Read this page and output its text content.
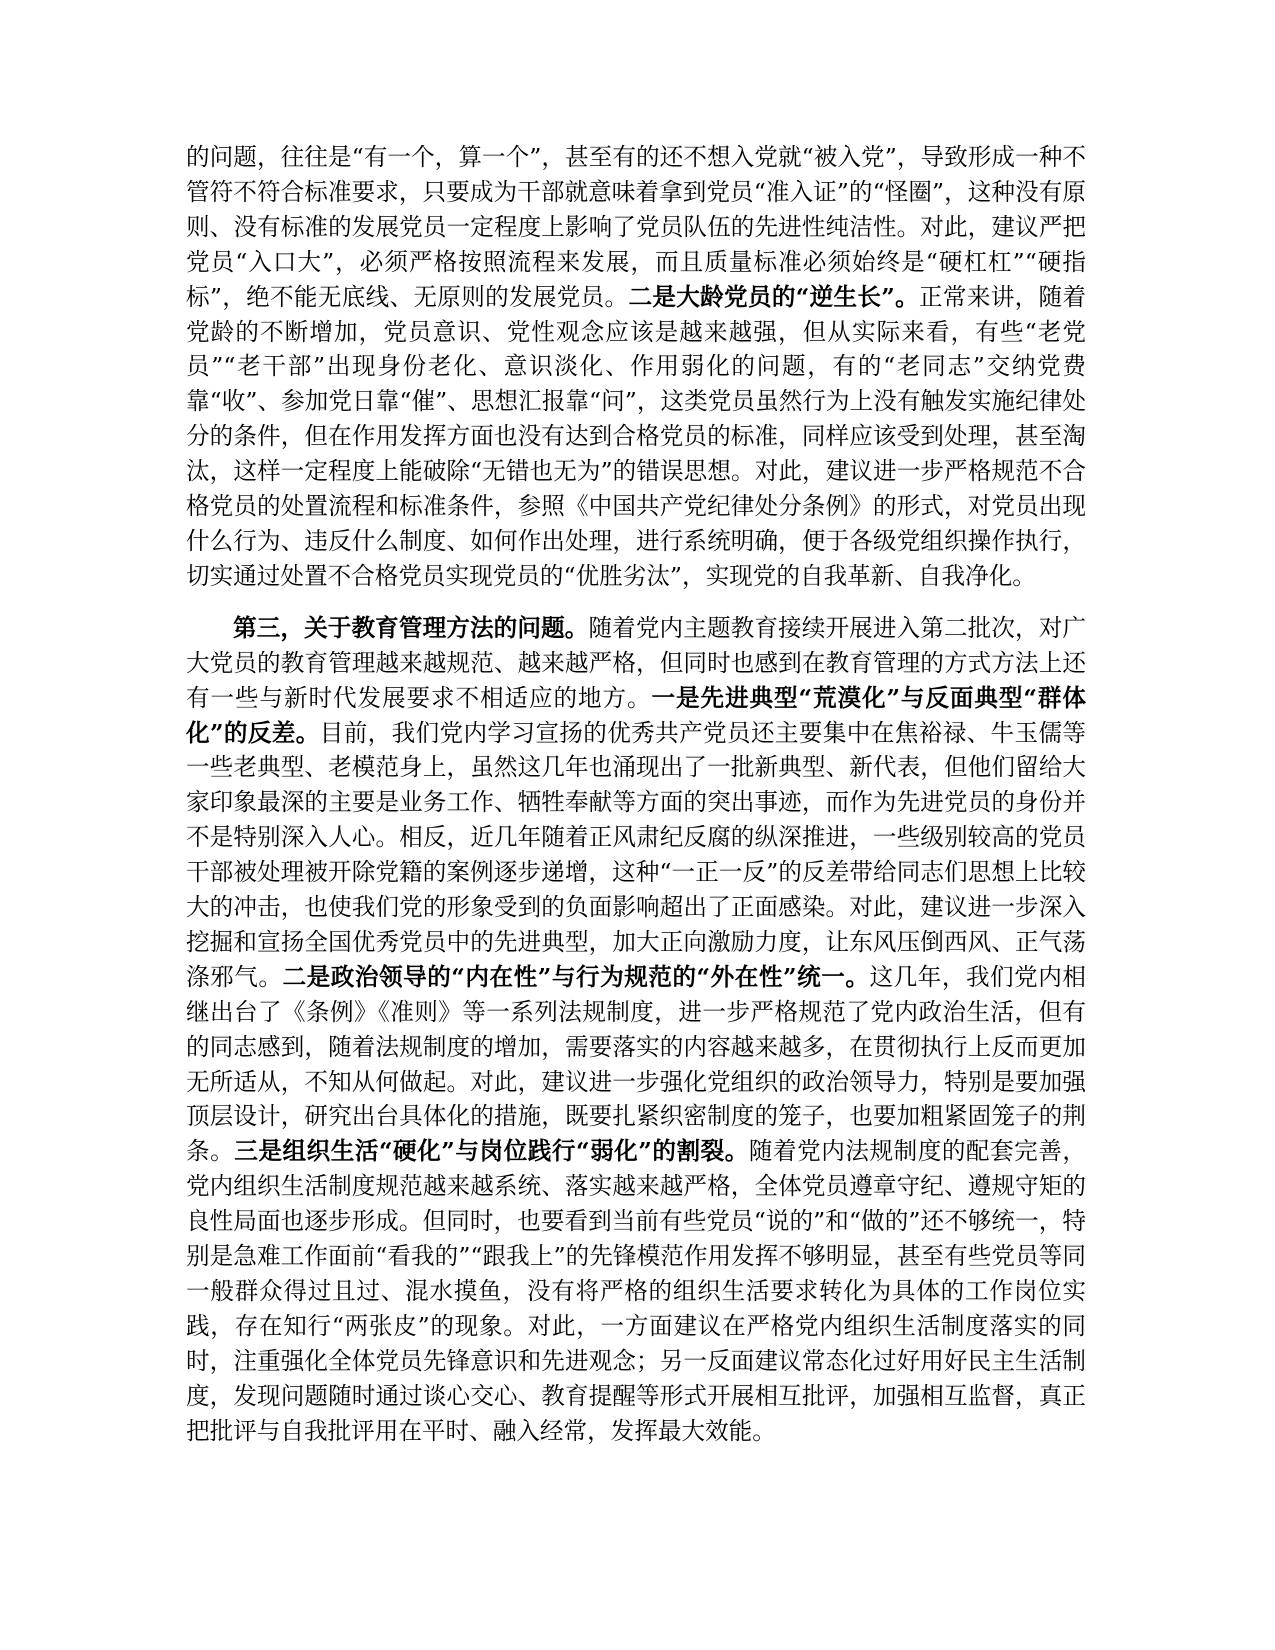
的问题，往往是“有一个，算一个”，甚至有的还不想入党就“被入党”，导致形成一种不管符不符合标准要求，只要成为干部就意味着拿到党员“准入证”的“怪圈”，这种没有原则、没有标准的发展党员一定程度上影响了党员队伍的先进性纯洁性。对此，建议严把党员“入口大”，必须严格按照流程来发展，而且质量标准必须始终是“硬杠杠”“硬指标”，绝不能无底线、无原则的发展党员。二是大龄党员的“逆生长”。正常来讲，随着党龄的不断增加，党员意识、党性观念应该是越来越强，但从实际来看，有些“老党员”“老干部”出现身份老化、意识淡化、作用弱化的问题，有的“老同志”交纳党费靠“收”、参加党日靠“催”、思想汇报靠“问”，这类党员虽然行为上没有触发实施纪律处分的条件，但在作用发挥方面也没有达到合格党员的标准，同样应该受到处理，甚至淘汰，这样一定程度上能破除“无错也无为”的错误思想。对此，建议进一步严格规范不合格党员的处置流程和标准条件，参照《中国共产党纪律处分条例》的形式，对党员出现什么行为、违反什么制度、如何作出处理，进行系统明确，便于各级党组织操作执行，切实通过处置不合格党员实现党员的“优胜劣汰”，实现党的自我革新、自我净化。

第三，关于教育管理方法的问题。随着党内主题教育接续开展进入第二批次，对广大党员的教育管理越来越规范、越来越严格，但同时也感到在教育管理的方式方法上还有一些与新时代发展要求不相适应的地方。一是先进典型“荒漠化”与反面典型“群体化”的反差。目前，我们党内学习宣扬的优秀共产党员还主要集中在焦裕禄、牛玉儒等一些老典型、老模范身上，虽然这几年也涌现出了一批新典型、新代表，但他们留给大家印象最深的主要是业务工作、牺牲奉献等方面的突出事迹，而作为先进党员的身份并不是特别深入人心。相反，近几年随着正风肃纪反腐的纵深推进，一些级别较高的党员干部被处理被开除党籍的案例逐步递增，这种“一正一反”的反差带给同志们思想上比较大的冲击，也使我们党的形象受到的负面影响超出了正面感染。对此，建议进一步深入挖掘和宣扬全国优秀党员中的先进典型，加大正向激励力度，让东风压倒西风、正气荡涤邪气。二是政治领导的“内在性”与行为规范的“外在性”统一。这几年，我们党内相继出台了《条例》《准则》等一系列法规制度，进一步严格规范了党内政治生活，但有的同志感到，随着法规制度的增加，需要落实的内容越来越多，在贯彻执行上反而更加无所适从，不知从何做起。对此，建议进一步强化党组织的政治领导力，特别是要加强顶层设计，研究出台具体化的措施，既要扎紧织密制度的笼子，也要加粗紧固笼子的荆条。三是组织生活“硬化”与岗位践行“弱化”的割裂。随着党内法规制度的配套完善，党内组织生活制度规范越来越系统、落实越来越严格，全体党员遵章守纪、遵规守矩的良性局面也逐步形成。但同时，也要看到当前有些党员“说的”和“做的”还不够统一，特别是急难工作面前“看我的”“跟我上”的先锋模范作用发挥不够明显，甚至有些党员等同一般群众得过且过、混水摸鱼，没有将严格的组织生活要求转化为具体的工作岗位实践，存在知行“两张皮”的现象。对此，一方面建议在严格党内组织生活制度落实的同时，注重强化全体党员先锋意识和先进观念；另一反面建议常态化过好用好民主生活制度，发现问题随时通过谈心交心、教育提醒等形式开展相互批评，加强相互监督，真正把批评与自我批评用在平时、融入经常，发挥最大效能。
